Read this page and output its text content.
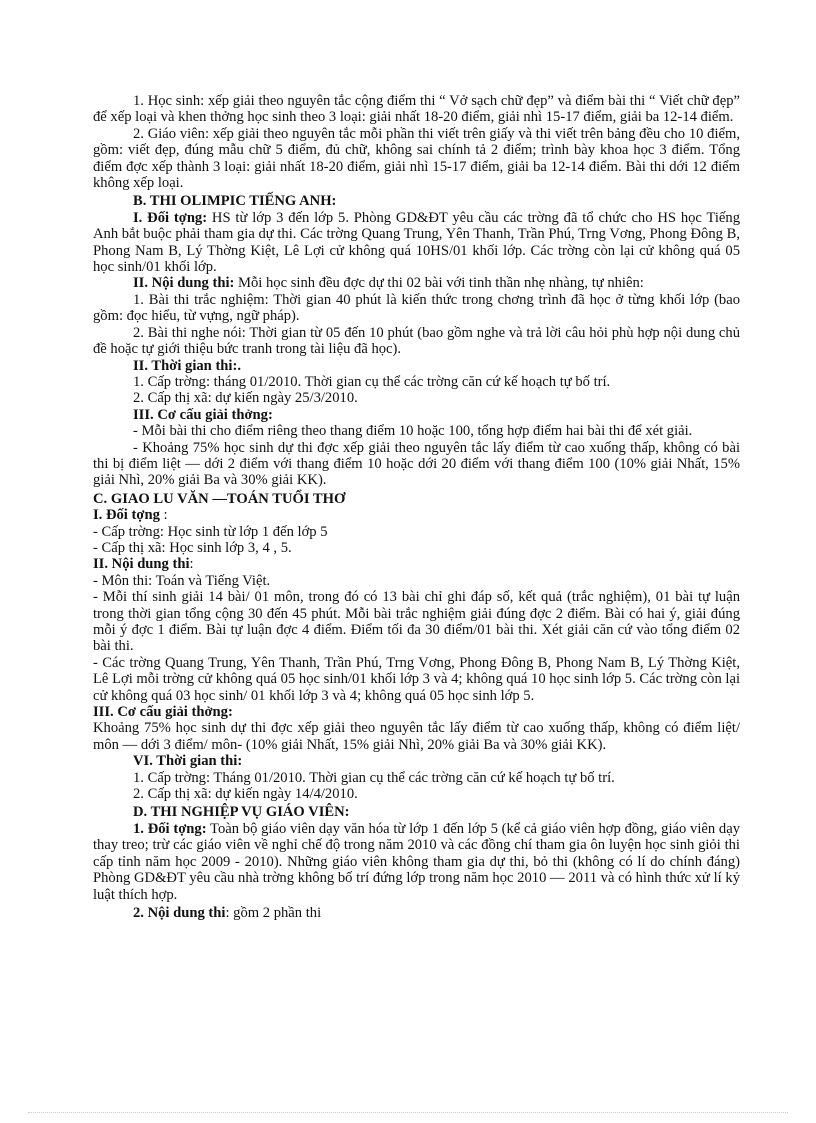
1. Học sinh: xếp giải theo nguyên tắc cộng điểm thi “ Vở sạch chữ đẹp” và điểm bài thi “ Viết chữ đẹp” để xếp loại và khen thởng học sinh theo 3 loại: giải nhất 18-20 điểm, giải nhì 15-17 điểm, giải ba 12-14 điểm.

2. Giáo viên: xếp giải theo nguyên tắc mỗi phần thi viết trên giấy và thi viết trên bảng đều cho 10 điểm, gồm: viết đẹp, đúng mẫu chữ 5 điểm, đủ chữ, không sai chính tả 2 điểm; trình bày khoa học 3 điểm. Tổng điểm đợc xếp thành 3 loại: giải nhất 18-20 điểm, giải nhì 15-17 điểm, giải ba 12-14 điểm. Bài thi dới 12 điểm không xếp loại.

B. THI OLIMPIC TIẾNG ANH:

I. Đối tợng: HS từ lớp 3 đến lớp 5. Phòng GD&ĐT yêu cầu các trờng đã tổ chức cho HS học Tiếng Anh bắt buộc phải tham gia dự thi. Các trờng Quang Trung, Yên Thanh, Trần Phú, Trng Vơng, Phong Đông B, Phong Nam B, Lý Thờng Kiệt, Lê Lợi cử không quá 10HS/01 khối lớp. Các trờng còn lại cử không quá 05 học sinh/01 khối lớp.

II. Nội dung thi: Mỗi học sinh đều đợc dự thi 02 bài với tinh thần nhẹ nhàng, tự nhiên:

1. Bài thi trắc nghiệm: Thời gian 40 phút là kiến thức trong chơng trình đã học ở từng khối lớp (bao gồm: đọc hiểu, từ vựng, ngữ pháp).

2. Bài thi nghe nói: Thời gian từ 05 đến 10 phút (bao gồm nghe và trả lời câu hỏi phù hợp nội dung chủ đề hoặc tự giới thiệu bức tranh trong tài liệu đã học).

II. Thời gian thi:.

1. Cấp trờng: tháng 01/2010. Thời gian cụ thể các trờng căn cứ kế hoạch tự bố trí.

2. Cấp thị xã: dự kiến ngày 25/3/2010.

III. Cơ cấu giải thởng:

- Mỗi bài thi cho điểm riêng theo thang điểm 10 hoặc 100, tổng hợp điểm hai bài thi để xét giải.

- Khoảng 75% học sinh dự thi đợc xếp giải theo nguyên tắc lấy điểm từ cao xuống thấp, không có bài thi bị điểm liệt — dới 2 điểm với thang điểm 10 hoặc dới 20 điểm với thang điểm 100 (10% giải Nhất, 15% giải Nhì, 20% giải Ba và 30% giải KK).

C. GIAO LU VĂN —TOÁN TUỔI THƠ

I. Đối tợng :

- Cấp trờng: Học sinh từ lớp 1 đến lớp 5

- Cấp thị xã: Học sinh lớp 3, 4 , 5.

II. Nội dung thi:

- Môn thi: Toán và Tiếng Việt.

- Mỗi thí sinh giải 14 bài/ 01 môn, trong đó có 13 bài chỉ ghi đáp số, kết quả (trắc nghiệm), 01 bài tự luận trong thời gian tổng cộng 30 đến 45 phút. Mỗi bài trắc nghiệm giải đúng đợc 2 điểm. Bài có hai ý, giải đúng mỗi ý đợc 1 điểm. Bài tự luận đợc 4 điểm. Điểm tối đa 30 điểm/01 bài thi. Xét giải căn cứ vào tổng điểm 02 bài thi.

- Các trờng Quang Trung, Yên Thanh, Trần Phú, Trng Vơng, Phong Đông B, Phong Nam B, Lý Thờng Kiệt, Lê Lợi mỗi trờng cử không quá 05 học sinh/01 khối lớp 3 và 4; không quá 10 học sinh lớp 5. Các trờng còn lại cử không quá 03 học sinh/ 01 khối lớp 3 và 4; không quá 05 học sinh lớp 5.

III. Cơ cấu giải thởng:

Khoảng 75% học sinh dự thi đợc xếp giải theo nguyên tắc lấy điểm từ cao xuống thấp, không có điểm liệt/ môn — dới 3 điểm/ môn- (10% giải Nhất, 15% giải Nhì, 20% giải Ba và 30% giải KK).

VI. Thời gian thi:

1. Cấp trờng: Tháng 01/2010. Thời gian cụ thể các trờng căn cứ kế hoạch tự bố trí.

2. Cấp thị xã: dự kiến ngày 14/4/2010.

D. THI NGHIỆP VỤ GIÁO VIÊN:

1. Đối tợng: Toàn bộ giáo viên dạy văn hóa từ lớp 1 đến lớp 5 (kể cả giáo viên hợp đồng, giáo viên dạy thay treo; trừ các giáo viên về nghỉ chế độ trong năm 2010 và các đồng chí tham gia ôn luyện học sinh giỏi thi cấp tỉnh năm học 2009 - 2010). Những giáo viên không tham gia dự thi, bỏ thi (không có lí do chính đáng) Phòng GD&ĐT yêu cầu nhà trờng không bố trí đứng lớp trong năm học 2010 — 2011 và có hình thức xử lí kỷ luật thích hợp.

2. Nội dung thi: gồm 2 phần thi
